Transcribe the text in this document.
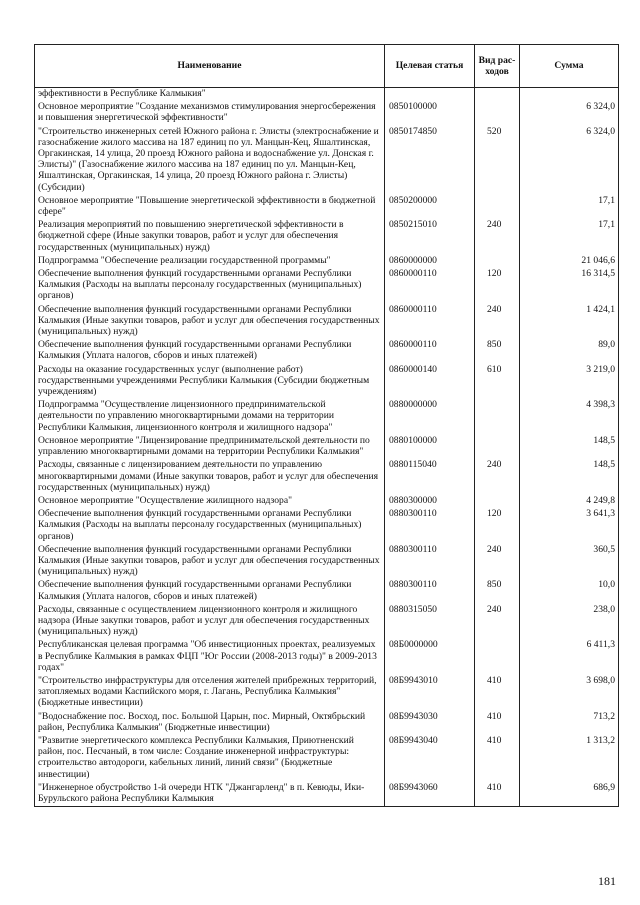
Наименование	Целевая статья	Вид рас- ходов	Сумма
эффективности в Республике Калмыкия"			
Основное мероприятие "Создание механизмов стимулирования энергосбережения и повышения энергетической эффективности"	0850100000		6 324,0
"Строительство инженерных сетей Южного района г. Элисты (электроснабжение и газоснабжение жилого массива на 187 единиц по ул. Манцын-Кец, Яшалтинская, Оргакинская, 14 улица, 20 проезд Южного района и водоснабжение ул. Донская г. Элисты)" (Газоснабжение жилого массива на 187 единиц по ул. Манцын-Кец, Яшалтинская, Оргакинская, 14 улица, 20 проезд Южного района г. Элисты) (Субсидии)	0850174850	520	6 324,0
Основное мероприятие "Повышение энергетической эффективности в бюджетной сфере"	0850200000		17,1
Реализация мероприятий по повышению энергетической эффективности в бюджетной сфере (Иные закупки товаров, работ и услуг для обеспечения государственных (муниципальных) нужд)	0850215010	240	17,1
Подпрограмма "Обеспечение реализации государственной программы"	0860000000		21 046,6
Обеспечение выполнения функций государственными органами Республики Калмыкия (Расходы на выплаты персоналу государственных (муниципальных) органов)	0860000110	120	16 314,5
Обеспечение выполнения функций государственными органами Республики Калмыкия (Иные закупки товаров, работ и услуг для обеспечения государственных (муниципальных) нужд)	0860000110	240	1 424,1
Обеспечение выполнения функций государственными органами Республики Калмыкия (Уплата налогов, сборов и иных платежей)	0860000110	850	89,0
Расходы на оказание государственных услуг (выполнение работ) государственными учреждениями Республики Калмыкия (Субсидии бюджетным учреждениям)	0860000140	610	3 219,0
Подпрограмма "Осуществление лицензионного предпринимательской деятельности по управлению многоквартирными домами на территории Республики Калмыкия, лицензионного контроля и жилищного надзора"	0880000000		4 398,3
Основное мероприятие "Лицензирование предпринимательской деятельности по управлению многоквартирными домами на территории Республики Калмыкия"	0880100000		148,5
Расходы, связанные с лицензированием деятельности по управлению многоквартирными домами (Иные закупки товаров, работ и услуг для обеспечения государственных (муниципальных) нужд)	0880115040	240	148,5
Основное мероприятие "Осуществление жилищного надзора"	0880300000		4 249,8
Обеспечение выполнения функций государственными органами Республики Калмыкия (Расходы на выплаты персоналу государственных (муниципальных) органов)	0880300110	120	3 641,3
Обеспечение выполнения функций государственными органами Республики Калмыкия (Иные закупки товаров, работ и услуг для обеспечения государственных (муниципальных) нужд)	0880300110	240	360,5
Обеспечение выполнения функций государственными органами Республики Калмыкия (Уплата налогов, сборов и иных платежей)	0880300110	850	10,0
Расходы, связанные с осуществлением лицензионного контроля и жилищного надзора (Иные закупки товаров, работ и услуг для обеспечения государственных (муниципальных) нужд)	0880315050	240	238,0
Республиканская целевая программа "Об инвестиционных проектах, реализуемых в Республике Калмыкия в рамках ФЦП "Юг России (2008-2013 годы)" в 2009-2013 годах"	08Б0000000		6 411,3
"Строительство инфраструктуры для отселения жителей прибрежных территорий, затопляемых водами Каспийского моря, г. Лагань, Республика Калмыкия" (Бюджетные инвестиции)	08Б9943010	410	3 698,0
"Водоснабжение пос. Восход, пос. Большой Царын, пос. Мирный, Октябрьский район, Республика Калмыкия" (Бюджетные инвестиции)	08Б9943030	410	713,2
"Развитие энергетического комплекса Республики Калмыкия, Приютненский район, пос. Песчаный, в том числе: Создание инженерной инфраструктуры: строительство автодороги, кабельных линий, линий связи" (Бюджетные инвестиции)	08Б9943040	410	1 313,2
"Инженерное обустройство 1-й очереди НТК "Джангарленд" в п. Кевюды, Ики-Бурульского района Республики Калмыкия	08Б9943060	410	686,9
181
